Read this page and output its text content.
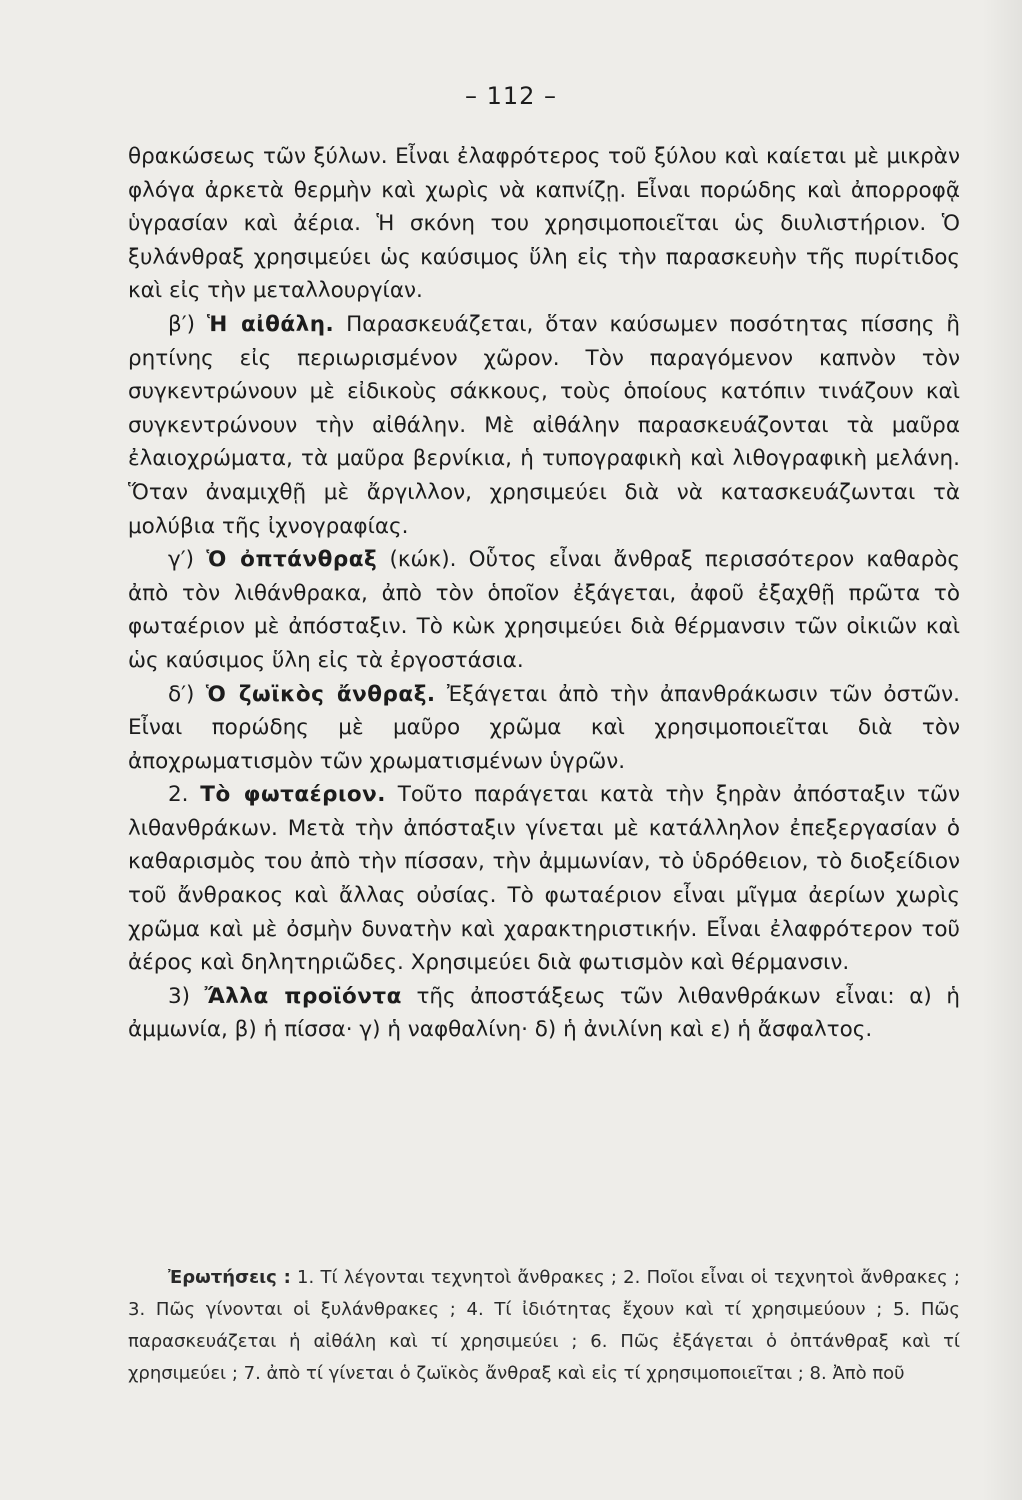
– 112 –

θρακώσεως τῶν ξύλων. Εἶναι ἐλαφρότερος τοῦ ξύλου καὶ καίεται μὲ μικρὰν φλόγα ἀρκετὰ θερμὴν καὶ χωρὶς νὰ καπνίζῃ. Εἶναι πορώδης καὶ ἀπορροφᾷ ὑγρασίαν καὶ ἀέρια. Ἡ σκόνη του χρησιμοποιεῖται ὡς διυλιστήριον. Ὁ ξυλάνθραξ χρησιμεύει ὡς καύσιμος ὕλη εἰς τὴν παρασκευὴν τῆς πυρίτιδος καὶ εἰς τὴν μεταλλουργίαν.

β′) Ἡ αἰθάλη. Παρασκευάζεται, ὅταν καύσωμεν ποσότητας πίσσης ἢ ρητίνης εἰς περιωρισμένον χῶρον. Τὸν παραγόμενον καπνὸν τὸν συγκεντρώνουν μὲ εἰδικοὺς σάκκους, τοὺς ὁποίους κατόπιν τινάζουν καὶ συγκεντρώνουν τὴν αἰθάλην. Μὲ αἰθάλην παρασκευάζονται τὰ μαῦρα ἐλαιοχρώματα, τὰ μαῦρα βερνίκια, ἡ τυπογραφικὴ καὶ λιθογραφικὴ μελάνη. Ὅταν ἀναμιχθῇ μὲ ἄργιλλον, χρησιμεύει διὰ νὰ κατασκευάζωνται τὰ μολύβια τῆς ἰχνογραφίας.

γ′) Ὁ ὀπτάνθραξ (κώκ). Οὗτος εἶναι ἄνθραξ περισσότερον καθαρὸς ἀπὸ τὸν λιθάνθρακα, ἀπὸ τὸν ὁποῖον ἐξάγεται, ἀφοῦ ἐξαχθῇ πρῶτα τὸ φωταέριον μὲ ἀπόσταξιν. Τὸ κὼκ χρησιμεύει διὰ θέρμανσιν τῶν οἰκιῶν καὶ ὡς καύσιμος ὕλη εἰς τὰ ἐργοστάσια.

δ′) Ὁ ζωϊκὸς ἄνθραξ. Ἐξάγεται ἀπὸ τὴν ἀπανθράκωσιν τῶν ὀστῶν. Εἶναι πορώδης μὲ μαῦρο χρῶμα καὶ χρησιμοποιεῖται διὰ τὸν ἀποχρωματισμὸν τῶν χρωματισμένων ὑγρῶν.

2. Τὸ φωταέριον. Τοῦτο παράγεται κατὰ τὴν ξηρὰν ἀπόσταξιν τῶν λιθανθράκων. Μετὰ τὴν ἀπόσταξιν γίνεται μὲ κατάλληλον ἐπεξεργασίαν ὁ καθαρισμὸς του ἀπὸ τὴν πίσσαν, τὴν ἀμμωνίαν, τὸ ὑδρόθειον, τὸ διοξείδιον τοῦ ἄνθρακος καὶ ἄλλας οὐσίας. Τὸ φωταέριον εἶναι μῖγμα ἀερίων χωρὶς χρῶμα καὶ μὲ ὀσμὴν δυνατὴν καὶ χαρακτηριστικήν. Εἶναι ἐλαφρότερον τοῦ ἀέρος καὶ δηλητηριῶδες. Χρησιμεύει διὰ φωτισμὸν καὶ θέρμανσιν.

3) Ἄλλα προϊόντα τῆς ἀποστάξεως τῶν λιθανθράκων εἶναι: α) ἡ ἀμμωνία, β) ἡ πίσσα· γ) ἡ ναφθαλίνη· δ) ἡ ἀνιλίνη καὶ ε) ἡ ἄσφαλτος.

Ἐρωτήσεις : 1. Τί λέγονται τεχνητοὶ ἄνθρακες ; 2. Ποῖοι εἶναι οἱ τεχνητοὶ ἄνθρακες ; 3. Πῶς γίνονται οἱ ξυλάνθρακες ; 4. Τί ἰδιότητας ἔχουν καὶ τί χρησιμεύουν ; 5. Πῶς παρασκευάζεται ἡ αἰθάλη καὶ τί χρησιμεύει ; 6. Πῶς ἐξάγεται ὁ ὀπτάνθραξ καὶ τί χρησιμεύει ; 7. ἀπὸ τί γίνεται ὁ ζωϊκὸς ἄνθραξ καὶ εἰς τί χρησιμοποιεῖται ; 8. Ἀπὸ ποῦ
